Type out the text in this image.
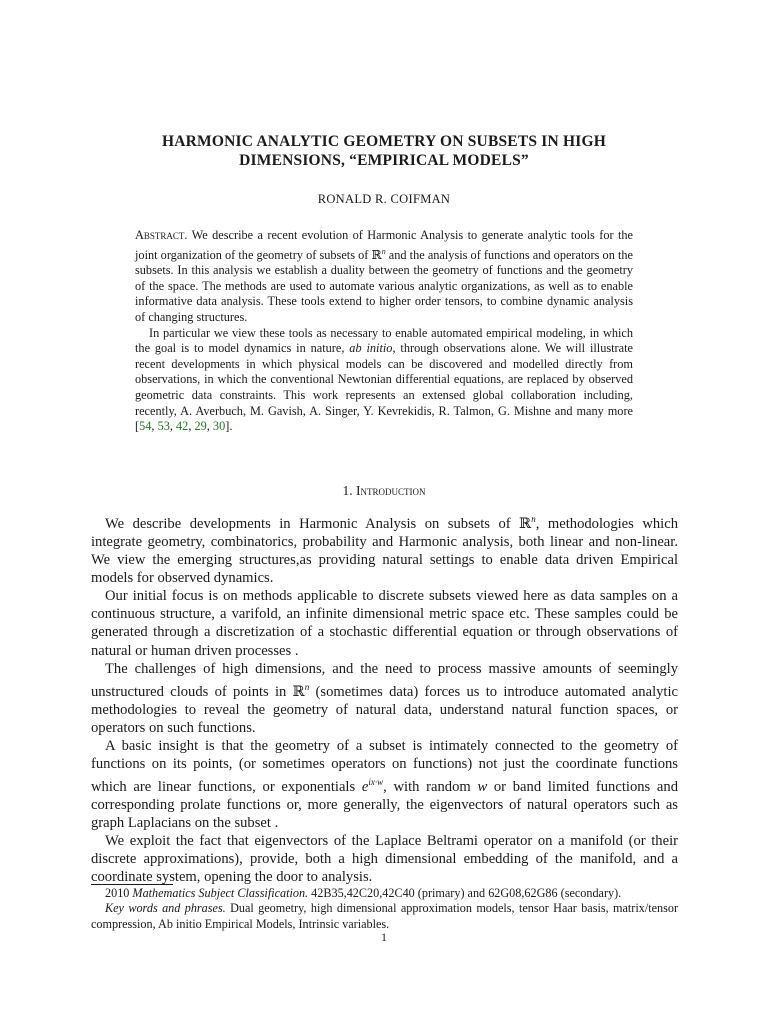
HARMONIC ANALYTIC GEOMETRY ON SUBSETS IN HIGH
DIMENSIONS, “EMPIRICAL MODELS”
RONALD R. COIFMAN

Abstract. We describe a recent evolution of Harmonic Analysis to generate analytic tools for the joint organization of the geometry of subsets of ℝ$^n$ and the analysis of functions and operators on the subsets. In this analysis we establish a duality between the geometry of functions and the geometry of the space. The methods are used to automate various analytic organizations, as well as to enable informative data analysis. These tools extend to higher order tensors, to combine dynamic analysis of changing structures.

In particular we view these tools as necessary to enable automated empirical modeling, in which the goal is to model dynamics in nature, ab initio, through observations alone. We will illustrate recent developments in which physical models can be discovered and modelled directly from observations, in which the conventional Newtonian differential equations, are replaced by observed geometric data constraints. This work represents an extensed global collaboration including, recently, A. Averbuch, M. Gavish, A. Singer, Y. Kevrekidis, R. Talmon, G. Mishne and many more [54, 53, 42, 29, 30].

1. Introduction

We describe developments in Harmonic Analysis on subsets of ℝ$^n$, methodologies which integrate geometry, combinatorics, probability and Harmonic analysis, both linear and non-linear. We view the emerging structures,as providing natural settings to enable data driven Empirical models for observed dynamics.

Our initial focus is on methods applicable to discrete subsets viewed here as data samples on a continuous structure, a varifold, an infinite dimensional metric space etc. These samples could be generated through a discretization of a stochastic differential equation or through observations of natural or human driven processes .

The challenges of high dimensions, and the need to process massive amounts of seemingly unstructured clouds of points in ℝ$^n$ (sometimes data) forces us to introduce automated analytic methodologies to reveal the geometry of natural data, understand natural function spaces, or operators on such functions.

A basic insight is that the geometry of a subset is intimately connected to the geometry of functions on its points, (or sometimes operators on functions) not just the coordinate functions which are linear functions, or exponentials $e^{ix\cdot w}$, with random w or band limited functions and corresponding prolate functions or, more generally, the eigenvectors of natural operators such as graph Laplacians on the subset .

We exploit the fact that eigenvectors of the Laplace Beltrami operator on a manifold (or their discrete approximations), provide, both a high dimensional embedding of the manifold, and a coordinate system, opening the door to analysis.

2010 Mathematics Subject Classification. 42B35,42C20,42C40 (primary) and 62G08,62G86 (secondary).

Key words and phrases. Dual geometry, high dimensional approximation models, tensor Haar basis, matrix/tensor compression, Ab initio Empirical Models, Intrinsic variables.

1
